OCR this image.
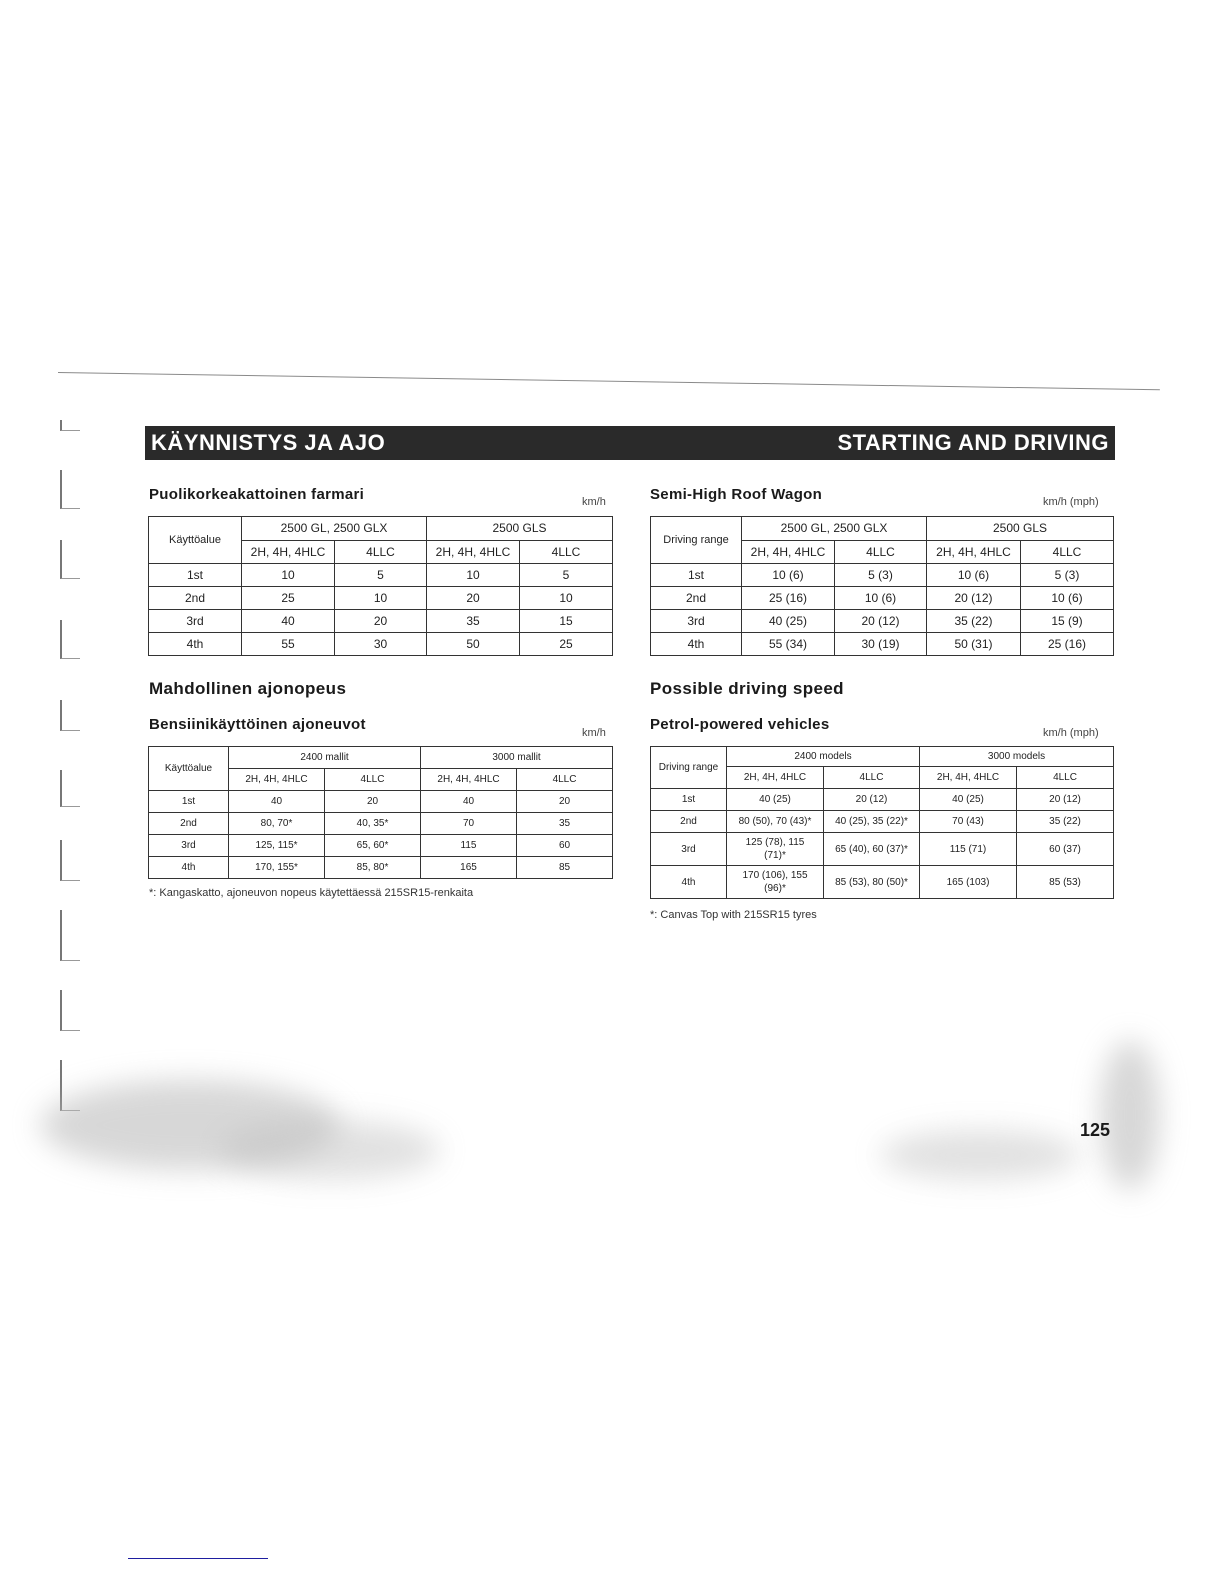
KÄYNNISTYS JA AJO	STARTING AND DRIVING
Puolikorkeakattoinen farmari	km/h
Käyttöalue	2500 GL, 2500 GLX		2500 GLS	
	2H, 4H, 4HLC	4LLC	2H, 4H, 4HLC	4LLC
1st	10	5	10	5
2nd	25	10	20	10
3rd	40	20	35	15
4th	55	30	50	25
Mahdollinen ajonopeus
Bensiinikäyttöinen ajoneuvot	km/h
Käyttöalue	2400 mallit		3000 mallit	
	2H, 4H, 4HLC	4LLC	2H, 4H, 4HLC	4LLC
1st	40	20	40	20
2nd	80, 70*	40, 35*	70	35
3rd	125, 115*	65, 60*	115	60
4th	170, 155*	85, 80*	165	85
*: Kangaskatto, ajoneuvon nopeus käytettäessä 215SR15-renkaita
Semi-High Roof Wagon	km/h (mph)
Driving range	2500 GL, 2500 GLX		2500 GLS	
	2H, 4H, 4HLC	4LLC	2H, 4H, 4HLC	4LLC
1st	10 (6)	5 (3)	10 (6)	5 (3)
2nd	25 (16)	10 (6)	20 (12)	10 (6)
3rd	40 (25)	20 (12)	35 (22)	15 (9)
4th	55 (34)	30 (19)	50 (31)	25 (16)
Possible driving speed
Petrol-powered vehicles	km/h (mph)
Driving range	2400 models		3000 models	
	2H, 4H, 4HLC	4LLC	2H, 4H, 4HLC	4LLC
1st	40 (25)	20 (12)	40 (25)	20 (12)
2nd	80 (50), 70 (43)*	40 (25), 35 (22)*	70 (43)	35 (22)
3rd	125 (78), 115 (71)*	65 (40), 60 (37)*	115 (71)	60 (37)
4th	170 (106), 155 (96)*	85 (53), 80 (50)*	165 (103)	85 (53)
*: Canvas Top with 215SR15 tyres
125
